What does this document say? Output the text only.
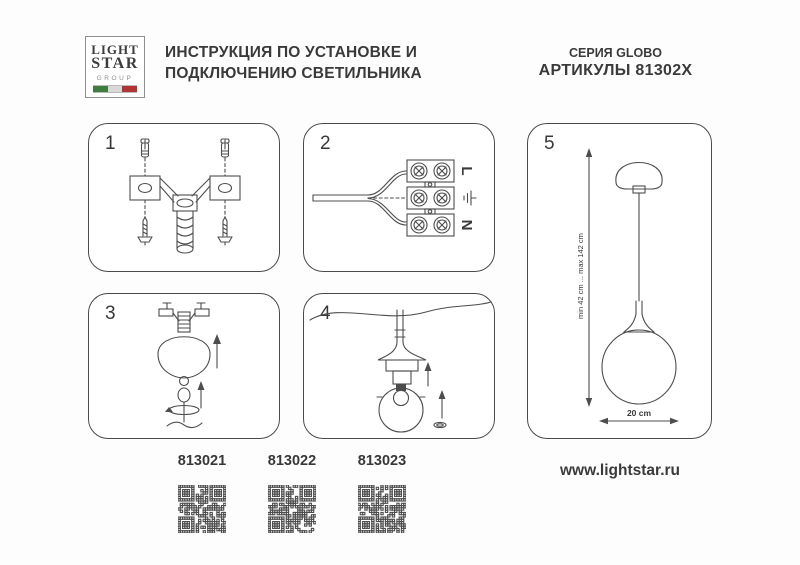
LIGHT
STAR
GROUP
ИНСТРУКЦИЯ ПО УСТАНОВКЕ И
ПОДКЛЮЧЕНИЮ СВЕТИЛЬНИКА
СЕРИЯ GLOBO
АРТИКУЛЫ 81302X
1	2
L
N
3	4
5
min 42 cm ... max 142 cm
20 cm
813021	813022	813023
www.lightstar.ru
